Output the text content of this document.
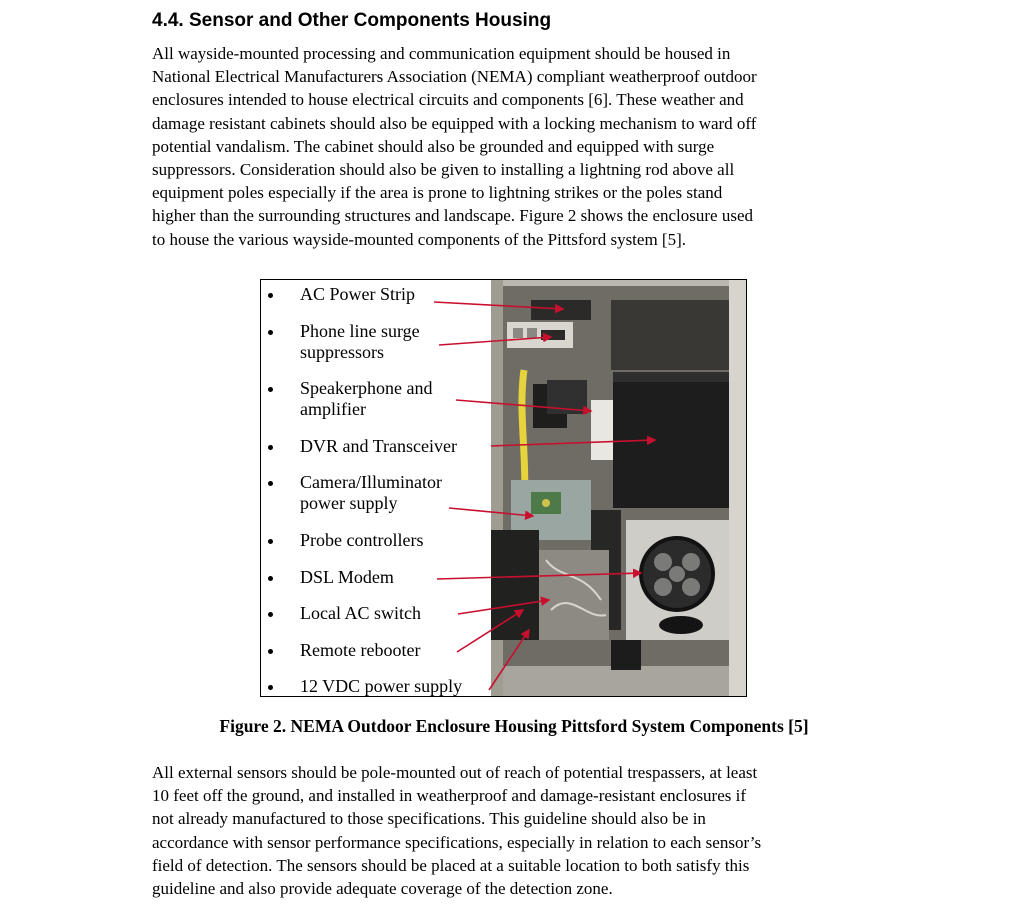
4.4. Sensor and Other Components Housing

All wayside-mounted processing and communication equipment should be housed in
National Electrical Manufacturers Association (NEMA) compliant weatherproof outdoor
enclosures intended to house electrical circuits and components [6]. These weather and
damage resistant cabinets should also be equipped with a locking mechanism to ward off
potential vandalism. The cabinet should also be grounded and equipped with surge
suppressors. Consideration should also be given to installing a lightning rod above all
equipment poles especially if the area is prone to lightning strikes or the poles stand
higher than the surrounding structures and landscape. Figure 2 shows the enclosure used
to house the various wayside-mounted components of the Pittsford system [5].

AC Power Strip
Phone line surge
suppressors
Speakerphone and
amplifier
DVR and Transceiver
Camera/Illuminator
power supply
Probe controllers
DSL Modem
Local AC switch
Remote rebooter
12 VDC power supply

Figure 2. NEMA Outdoor Enclosure Housing Pittsford System Components [5]

All external sensors should be pole-mounted out of reach of potential trespassers, at least
10 feet off the ground, and installed in weatherproof and damage-resistant enclosures if
not already manufactured to those specifications. This guideline should also be in
accordance with sensor performance specifications, especially in relation to each sensor’s
field of detection. The sensors should be placed at a suitable location to both satisfy this
guideline and also provide adequate coverage of the detection zone.
